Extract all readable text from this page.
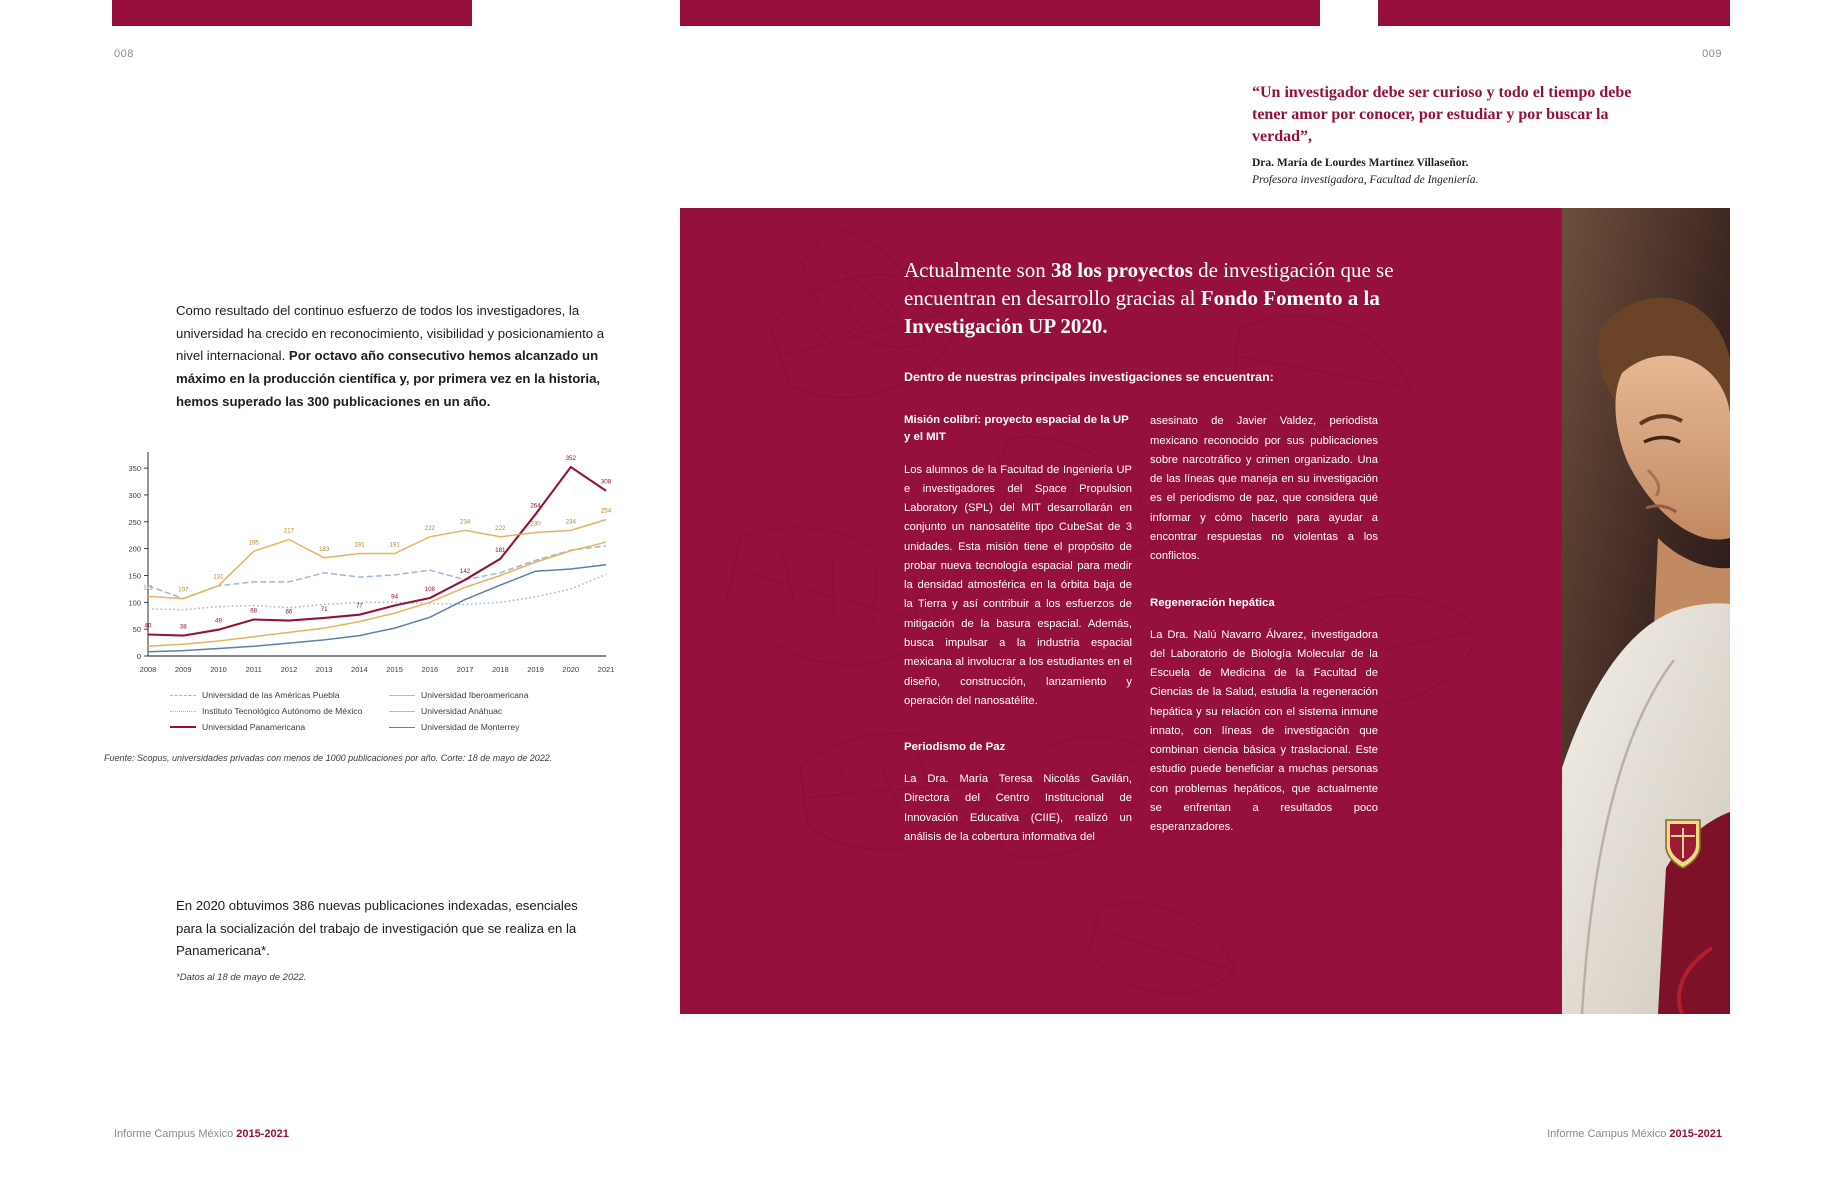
008	009
Como resultado del continuo esfuerzo de todos los investigadores, la universidad ha crecido en reconocimiento, visibilidad y posicionamiento a nivel internacional. Por octavo año consecutivo hemos alcanzado un máximo en la producción científica y, por primera vez en la historia, hemos superado las 300 publicaciones en un año.
0
50
100
150
200
250
300
350
2008 2009 2010	2011	2012 2013 2014 2015 2016 2017 2018 2019 2020 2021
40	38
49
68	66	71	77
94
108
142
181
264
352
308
111	107
131
195
217
183
191	191
222
234
222
230	234
254
Universidad de las Américas Puebla	Universidad Iberoamericana
Instituto Tecnológico Autónomo de México	Universidad Anáhuac
Universidad Panamericana	Universidad de Monterrey
Fuente: Scopus, universidades privadas con menos de 1000 publicaciones por año. Corte: 18 de mayo de 2022.
En 2020 obtuvimos 386 nuevas publicaciones indexadas, esenciales para la socialización del trabajo de investigación que se realiza en la Panamericana*.
*Datos al 18 de mayo de 2022.
“Un investigador debe ser curioso y todo el tiempo debe tener amor por conocer, por estudiar y por buscar la verdad”,
Dra. María de Lourdes Martínez Villaseñor.
Profesora investigadora, Facultad de Ingeniería.
Actualmente son 38 los proyectos de investigación que se encuentran en desarrollo gracias al Fondo Fomento a la Investigación UP 2020.
Dentro de nuestras principales investigaciones se encuentran:
Misión colibrí: proyecto espacial de la UP y el MIT
Los alumnos de la Facultad de Ingeniería UP e investigadores del Space Propulsion Laboratory (SPL) del MIT desarrollarán en conjunto un nanosatélite tipo CubeSat de 3 unidades. Esta misión tiene el propósito de probar nueva tecnología espacial para medir la densidad atmosférica en la órbita baja de la Tierra y así contribuir a los esfuerzos de mitigación de la basura espacial. Además, busca impulsar a la industria espacial mexicana al involucrar a los estudiantes en el diseño, construcción, lanzamiento y operación del nanosatélite.
Periodismo de Paz
La Dra. María Teresa Nicolás Gavilán, Directora del Centro Institucional de Innovación Educativa (CIIE), realizó un análisis de la cobertura informativa del
asesinato de Javier Valdez, periodista mexicano reconocido por sus publicaciones sobre narcotráfico y crimen organizado. Una de las líneas que maneja en su investigación es el periodismo de paz, que considera qué informar y cómo hacerlo para ayudar a encontrar respuestas no violentas a los conflictos.
Regeneración hepática
La Dra. Nalú Navarro Álvarez, investigadora del Laboratorio de Biología Molecular de la Escuela de Medicina de la Facultad de Ciencias de la Salud, estudia la regeneración hepática y su relación con el sistema inmune innato, con líneas de investigación que combinan ciencia básica y traslacional. Este estudio puede beneficiar a muchas personas con problemas hepáticos, que actualmente se enfrentan a resultados poco esperanzadores.
Informe Campus México 2015-2021	Informe Campus México 2015-2021
